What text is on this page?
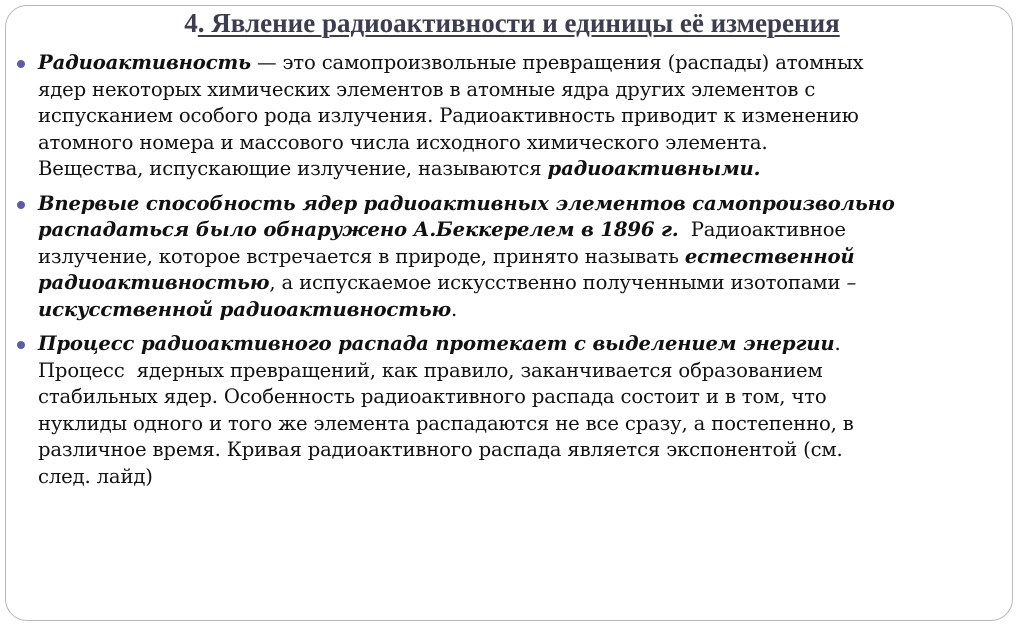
4. Явление радиоактивности и единицы её измерения
Радиоактивность — это самопроизвольные превращения (распады) атомных
ядер некоторых химических элементов в атомные ядра других элементов с
испусканием особого рода излучения. Радиоактивность приводит к изменению
атомного номера и массового числа исходного химического элемента.
Вещества, испускающие излучение, называются радиоактивными.
Впервые способность ядер радиоактивных элементов самопроизвольно
распадаться было обнаружено А.Беккерелем в 1896 г.  Радиоактивное
излучение, которое встречается в природе, принято называть естественной
радиоактивностью, а испускаемое искусственно полученными изотопами –
искусственной радиоактивностью.
Процесс радиоактивного распада протекает с выделением энергии.
Процесс  ядерных превращений, как правило, заканчивается образованием
стабильных ядер. Особенность радиоактивного распада состоит и в том, что
нуклиды одного и того же элемента распадаются не все сразу, а постепенно, в
различное время. Кривая радиоактивного распада является экспонентой (см.
след. лайд)
